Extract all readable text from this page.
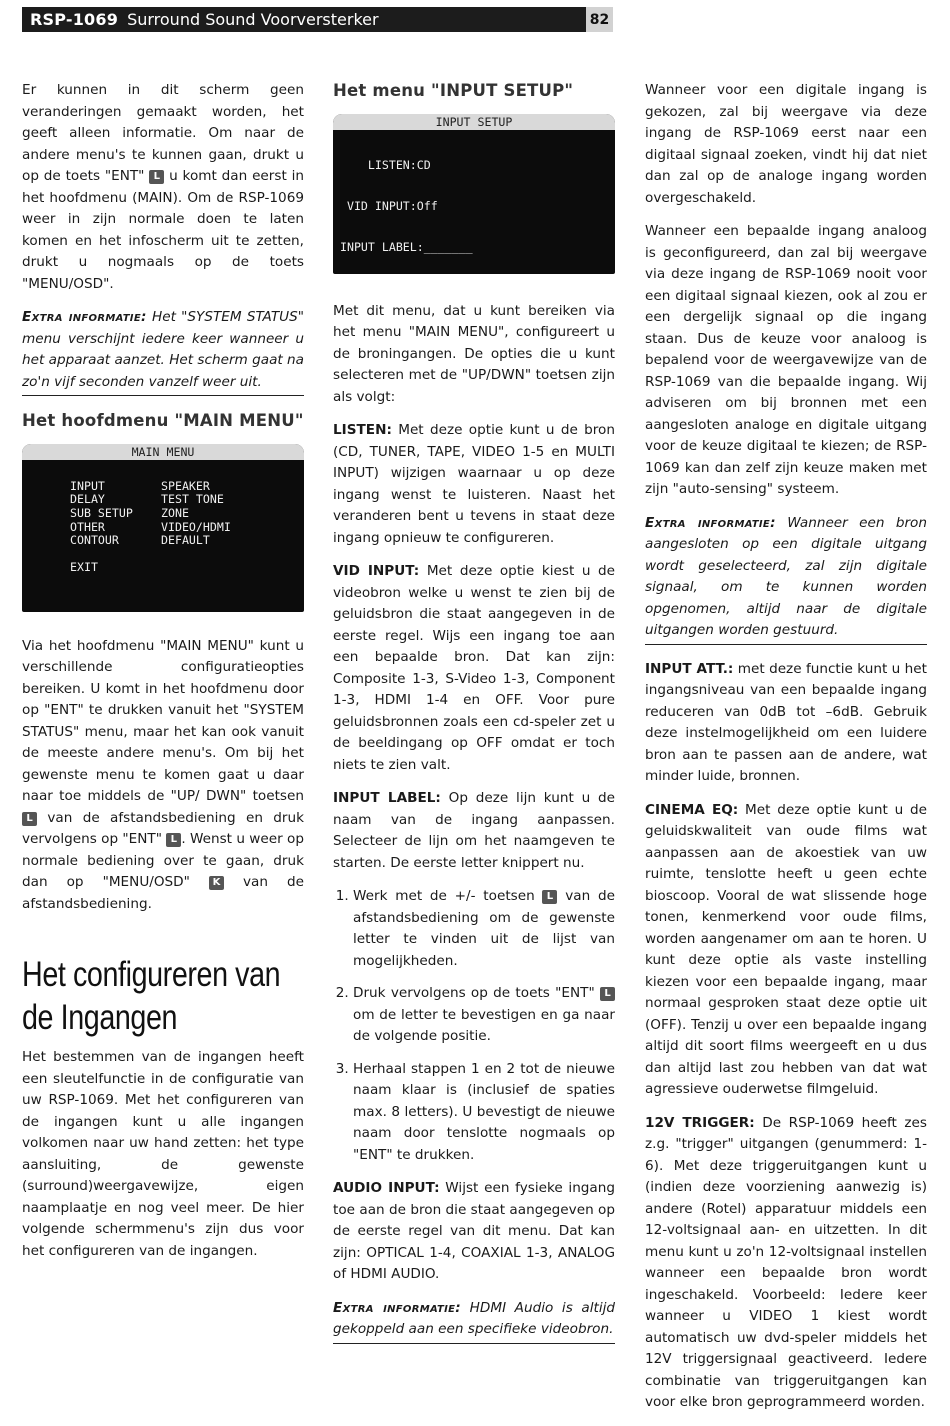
RSP-1069 Surround Sound Voorversterker	82

Er kunnen in dit scherm geen veranderingen gemaakt worden, het geeft alleen informatie. Om naar de andere menu's te kunnen gaan, drukt u op de toets "ENT" L u komt dan eerst in het hoofdmenu (MAIN). Om de RSP-1069 weer in zijn normale doen te laten komen en het infoscherm uit te zetten, drukt u nogmaals op de toets "MENU/OSD".

Extra informatie: Het "SYSTEM STATUS" menu verschijnt iedere keer wanneer u het apparaat aanzet. Het scherm gaat na zo'n vijf seconden vanzelf weer uit.

Het hoofdmenu "MAIN MENU"
MAIN MENU
INPUT	SPEAKER
DELAY	TEST TONE
SUB SETUP	ZONE
OTHER	VIDEO/HDMI
CONTOUR	DEFAULT
EXIT

Via het hoofdmenu "MAIN MENU" kunt u verschillende configuratieopties bereiken. U komt in het hoofdmenu door op "ENT" te drukken vanuit het "SYSTEM STATUS" menu, maar het kan ook vanuit de meeste andere menu's. Om bij het gewenste menu te komen gaat u daar naar toe middels de "UP/ DWN" toetsen L van de afstandsbediening en druk vervolgens op "ENT" L . Wenst u weer op normale bediening over te gaan, druk dan op "MENU/OSD" K van de afstandsbediening.

Het configureren van de Ingangen

Het bestemmen van de ingangen heeft een sleutelfunctie in de configuratie van uw RSP-1069. Met het configureren van de ingangen kunt u alle ingangen volkomen naar uw hand zetten: het type aansluiting, de gewenste (surround)weergavewijze, eigen naamplaatje en nog veel meer. De hier volgende schermmenu's zijn dus voor het configureren van de ingangen.

Het menu "INPUT SETUP"
INPUT SETUP

LISTEN:CD

VID INPUT:Off

INPUT LABEL:_______

Met dit menu, dat u kunt bereiken via het menu "MAIN MENU", configureert u de broningangen. De opties die u kunt selecteren met de "UP/DWN" toetsen zijn als volgt:

LISTEN: Met deze optie kunt u de bron (CD, TUNER, TAPE, VIDEO 1-5 en MULTI INPUT) wijzigen waarnaar u op deze ingang wenst te luisteren. Naast het veranderen bent u tevens in staat deze ingang opnieuw te configureren.

VID INPUT: Met deze optie kiest u de videobron welke u wenst te zien bij de geluidsbron die staat aangegeven in de eerste regel. Wijs een ingang toe aan een bepaalde bron. Dat kan zijn: Composite 1-3, S-Video 1-3, Component 1-3, HDMI 1-4 en OFF. Voor pure geluidsbronnen zoals een cd-speler zet u de beeldingang op OFF omdat er toch niets te zien valt.

INPUT LABEL: Op deze lijn kunt u de naam van de ingang aanpassen. Selecteer de lijn om het naamgeven te starten. De eerste letter knippert nu.

1. Werk met de +/- toetsen L van de afstandsbediening om de gewenste letter te vinden uit de lijst van mogelijkheden.
2. Druk vervolgens op de toets "ENT" L om de letter te bevestigen en ga naar de volgende positie.
3. Herhaal stappen 1 en 2 tot de nieuwe naam klaar is (inclusief de spaties max. 8 letters). U bevestigt de nieuwe naam door tenslotte nogmaals op "ENT" te drukken.

AUDIO INPUT: Wijst een fysieke ingang toe aan de bron die staat aangegeven op de eerste regel van dit menu. Dat kan zijn: OPTICAL 1-4, COAXIAL 1-3, ANALOG of HDMI AUDIO.

Extra informatie: HDMI Audio is altijd gekoppeld aan een specifieke videobron.

Wanneer voor een digitale ingang is gekozen, zal bij weergave via deze ingang de RSP-1069 eerst naar een digitaal signaal zoeken, vindt hij dat niet dan zal op de analoge ingang worden overgeschakeld.

Wanneer een bepaalde ingang analoog is geconfigureerd, dan zal bij weergave via deze ingang de RSP-1069 nooit voor een digitaal signaal kiezen, ook al zou er een dergelijk signaal op die ingang staan. Dus de keuze voor analoog is bepalend voor de weergavewijze van de RSP-1069 van die bepaalde ingang. Wij adviseren om bij bronnen met een aangesloten analoge en digitale uitgang voor de keuze digitaal te kiezen; de RSP-1069 kan dan zelf zijn keuze maken met zijn "auto-sensing" systeem.

Extra informatie: Wanneer een bron aangesloten op een digitale uitgang wordt geselecteerd, zal zijn digitale signaal, om te kunnen worden opgenomen, altijd naar de digitale uitgangen worden gestuurd.

INPUT ATT.: met deze functie kunt u het ingangsniveau van een bepaalde ingang reduceren van 0dB tot –6dB. Gebruik deze instelmogelijkheid om een luidere bron aan te passen aan de andere, wat minder luide, bronnen.

CINEMA EQ: Met deze optie kunt u de geluidskwaliteit van oude films wat aanpassen aan de akoestiek van uw ruimte, tenslotte heeft u geen echte bioscoop. Vooral de wat slissende hoge tonen, kenmerkend voor oude films, worden aangenamer om aan te horen. U kunt deze optie als vaste instelling kiezen voor een bepaalde ingang, maar normaal gesproken staat deze optie uit (OFF). Tenzij u over een bepaalde ingang altijd dit soort films weergeeft en u dus dan altijd last zou hebben van dat wat agressieve ouderwetse filmgeluid.

12V TRIGGER: De RSP-1069 heeft zes z.g. "trigger" uitgangen (genummerd: 1-6). Met deze triggeruitgangen kunt u (indien deze voorziening aanwezig is) andere (Rotel) apparatuur middels een 12-voltsignaal aan- en uitzetten. In dit menu kunt u zo'n 12-voltsignaal instellen wanneer een bepaalde bron wordt ingeschakeld. Voorbeeld: Iedere keer wanneer u VIDEO 1 kiest wordt automatisch uw dvd-speler middels het 12V triggersignaal geactiveerd. Iedere combinatie van triggeruitgangen kan voor elke bron geprogrammeerd worden.
